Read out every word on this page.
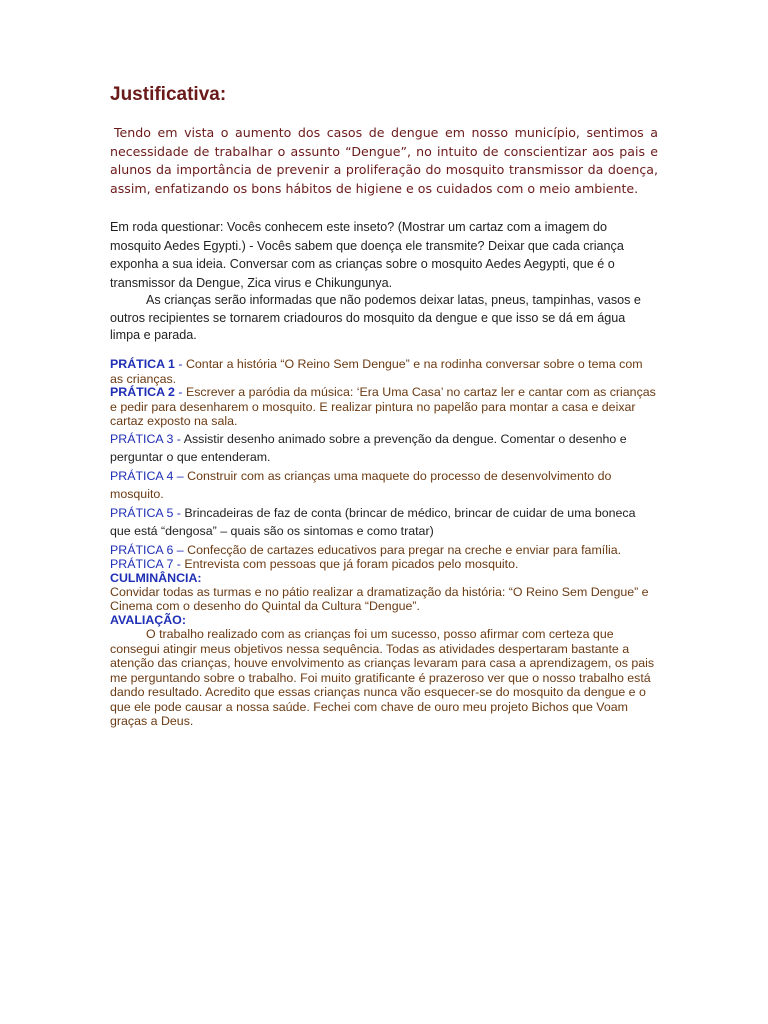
Justificativa:

Tendo em vista o aumento dos casos de dengue em nosso município, sentimos a necessidade de trabalhar o assunto “Dengue”, no intuito de conscientizar aos pais e alunos da importância de prevenir a proliferação do mosquito transmissor da doença, assim, enfatizando os bons hábitos de higiene e os cuidados com o meio ambiente.

Em roda questionar: Vocês conhecem este inseto? (Mostrar um cartaz com a imagem do mosquito Aedes Egypti.) - Vocês sabem que doença ele transmite? Deixar que cada criança exponha a sua ideia. Conversar com as crianças sobre o mosquito Aedes Aegypti, que é o transmissor da Dengue, Zica virus e Chikungunya.

As crianças serão informadas que não podemos deixar latas, pneus, tampinhas, vasos e outros recipientes se tornarem criadouros do mosquito da dengue e que isso se dá em água limpa e parada.

PRÁTICA 1 - Contar a história “O Reino Sem Dengue” e na rodinha conversar sobre o tema com as crianças.

PRÁTICA 2 - Escrever a paródia da música: ‘Era Uma Casa’ no cartaz ler e cantar com as crianças e pedir para desenharem o mosquito. E realizar pintura no papelão para montar a casa e deixar cartaz exposto na sala.

PRÁTICA 3 - Assistir desenho animado sobre a prevenção da dengue. Comentar o desenho e perguntar o que entenderam.

PRÁTICA 4 – Construir com as crianças uma maquete do processo de desenvolvimento do mosquito.

PRÁTICA 5 - Brincadeiras de faz de conta (brincar de médico, brincar de cuidar de uma boneca que está “dengosa” – quais são os sintomas e como tratar)

PRÁTICA 6 – Confecção de cartazes educativos para pregar na creche e enviar para família.

PRÁTICA 7 - Entrevista com pessoas que já foram picados pelo mosquito.

CULMINÂNCIA:

Convidar todas as turmas e no pátio realizar a dramatização da história: “O Reino Sem Dengue” e Cinema com o desenho do Quintal da Cultura “Dengue”.

AVALIAÇÃO:

O trabalho realizado com as crianças foi um sucesso, posso afirmar com certeza que consegui atingir meus objetivos nessa sequência. Todas as atividades despertaram bastante a atenção das crianças, houve envolvimento as crianças levaram para casa a aprendizagem, os pais me perguntando sobre o trabalho. Foi muito gratificante é prazeroso ver que o nosso trabalho está dando resultado. Acredito que essas crianças nunca vão esquecer-se do mosquito da dengue e o que ele pode causar a nossa saúde. Fechei com chave de ouro meu projeto Bichos que Voam graças a Deus.
